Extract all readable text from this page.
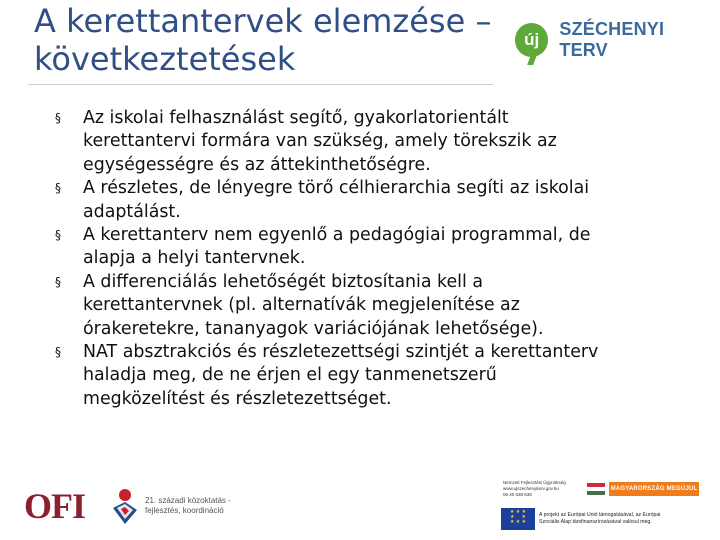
A kerettantervek elemzése –
következtetések
új
SZÉCHENYI TERV
§ Az iskolai felhasználást segítő, gyakorlatorientált
kerettantervi formára van szükség, amely törekszik az
egységességre és az áttekinthetőségre.
§ A részletes, de lényegre törő célhierarchia segíti az iskolai
adaptálást.
§ A kerettanterv nem egyenlő a pedagógiai programmal, de
alapja a helyi tantervnek.
§ A differenciálás lehetőségét biztosítania kell a
kerettantervnek (pl. alternatívák megjelenítése az
órakeretekre, tananyagok variációjának lehetősége).
§ NAT absztrakciós és részletezettségi szintjét a kerettanterv
haladja meg, de ne érjen el egy tanmenetszerű
megközelítést és részletezettséget.
OFI	21. századi közoktatás -
fejlesztés, koordináció
Nemzeti Fejlesztési Ügynökség
www.ujszechenyiterv.gov.hu
06 40 638 638
MAGYARORSZÁG MEGÚJUL
★ ★ ★
★     ★
★ ★ ★
A projekt az Európai Unió támogatásával, az Európai
Szociális Alap társfinanszírozásával valósul meg.
